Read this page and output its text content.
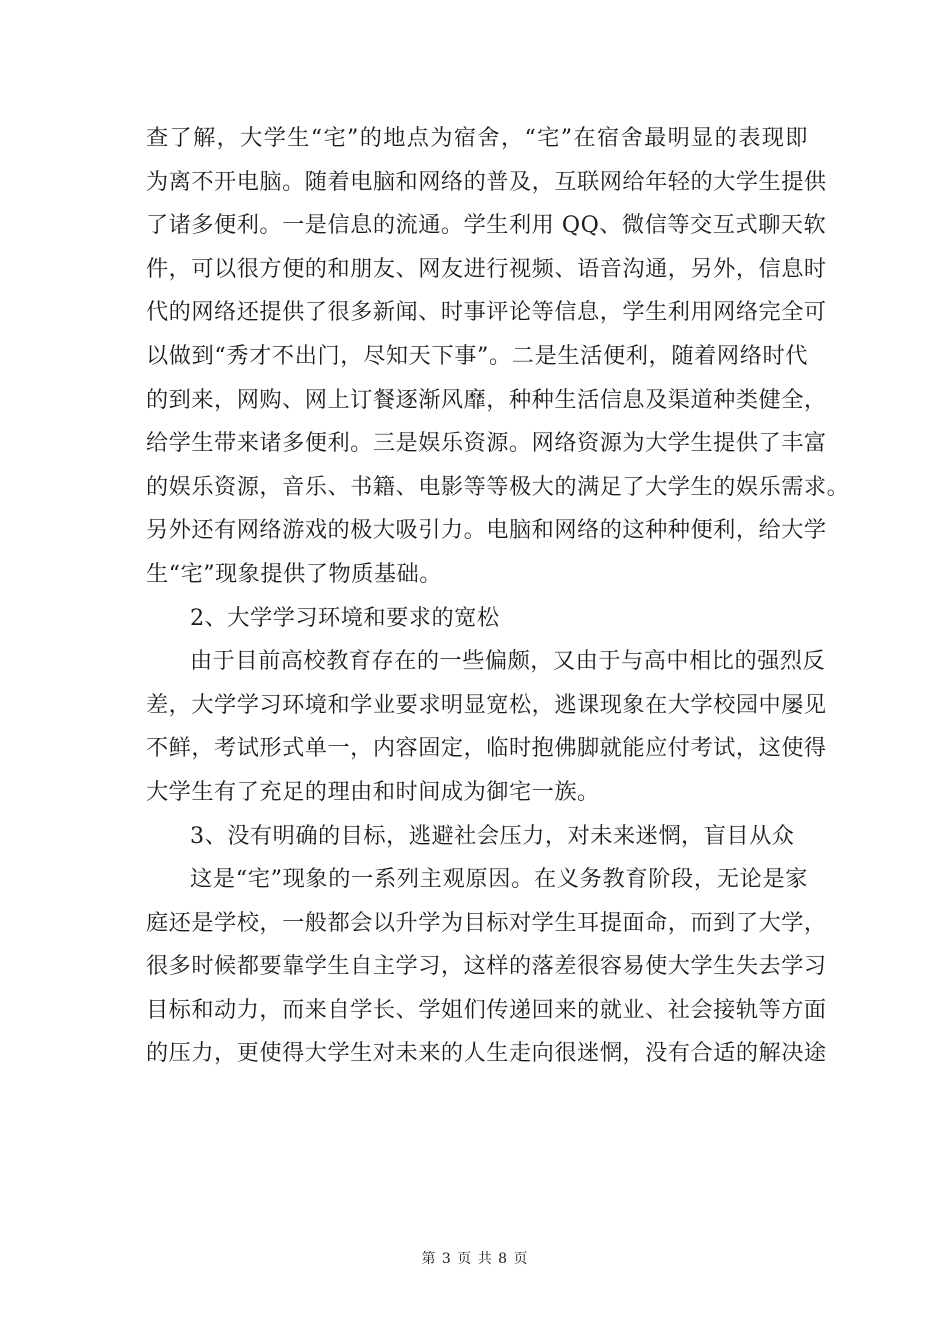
查了解，大学生“宅”的地点为宿舍，“宅”在宿舍最明显的表现即
为离不开电脑。随着电脑和网络的普及，互联网给年轻的大学生提供
了诸多便利。一是信息的流通。学生利用 QQ、微信等交互式聊天软
件，可以很方便的和朋友、网友进行视频、语音沟通，另外，信息时
代的网络还提供了很多新闻、时事评论等信息，学生利用网络完全可
以做到“秀才不出门，尽知天下事”。二是生活便利，随着网络时代
的到来，网购、网上订餐逐渐风靡，种种生活信息及渠道种类健全，
给学生带来诸多便利。三是娱乐资源。网络资源为大学生提供了丰富
的娱乐资源，音乐、书籍、电影等等极大的满足了大学生的娱乐需求。
另外还有网络游戏的极大吸引力。电脑和网络的这种种便利，给大学
生“宅”现象提供了物质基础。
2、大学学习环境和要求的宽松
由于目前高校教育存在的一些偏颇，又由于与高中相比的强烈反
差，大学学习环境和学业要求明显宽松，逃课现象在大学校园中屡见
不鲜，考试形式单一，内容固定，临时抱佛脚就能应付考试，这使得
大学生有了充足的理由和时间成为御宅一族。
3、没有明确的目标，逃避社会压力，对未来迷惘，盲目从众
这是“宅”现象的一系列主观原因。在义务教育阶段，无论是家
庭还是学校，一般都会以升学为目标对学生耳提面命，而到了大学，
很多时候都要靠学生自主学习，这样的落差很容易使大学生失去学习
目标和动力，而来自学长、学姐们传递回来的就业、社会接轨等方面
的压力，更使得大学生对未来的人生走向很迷惘，没有合适的解决途
第 3 页 共 8 页
